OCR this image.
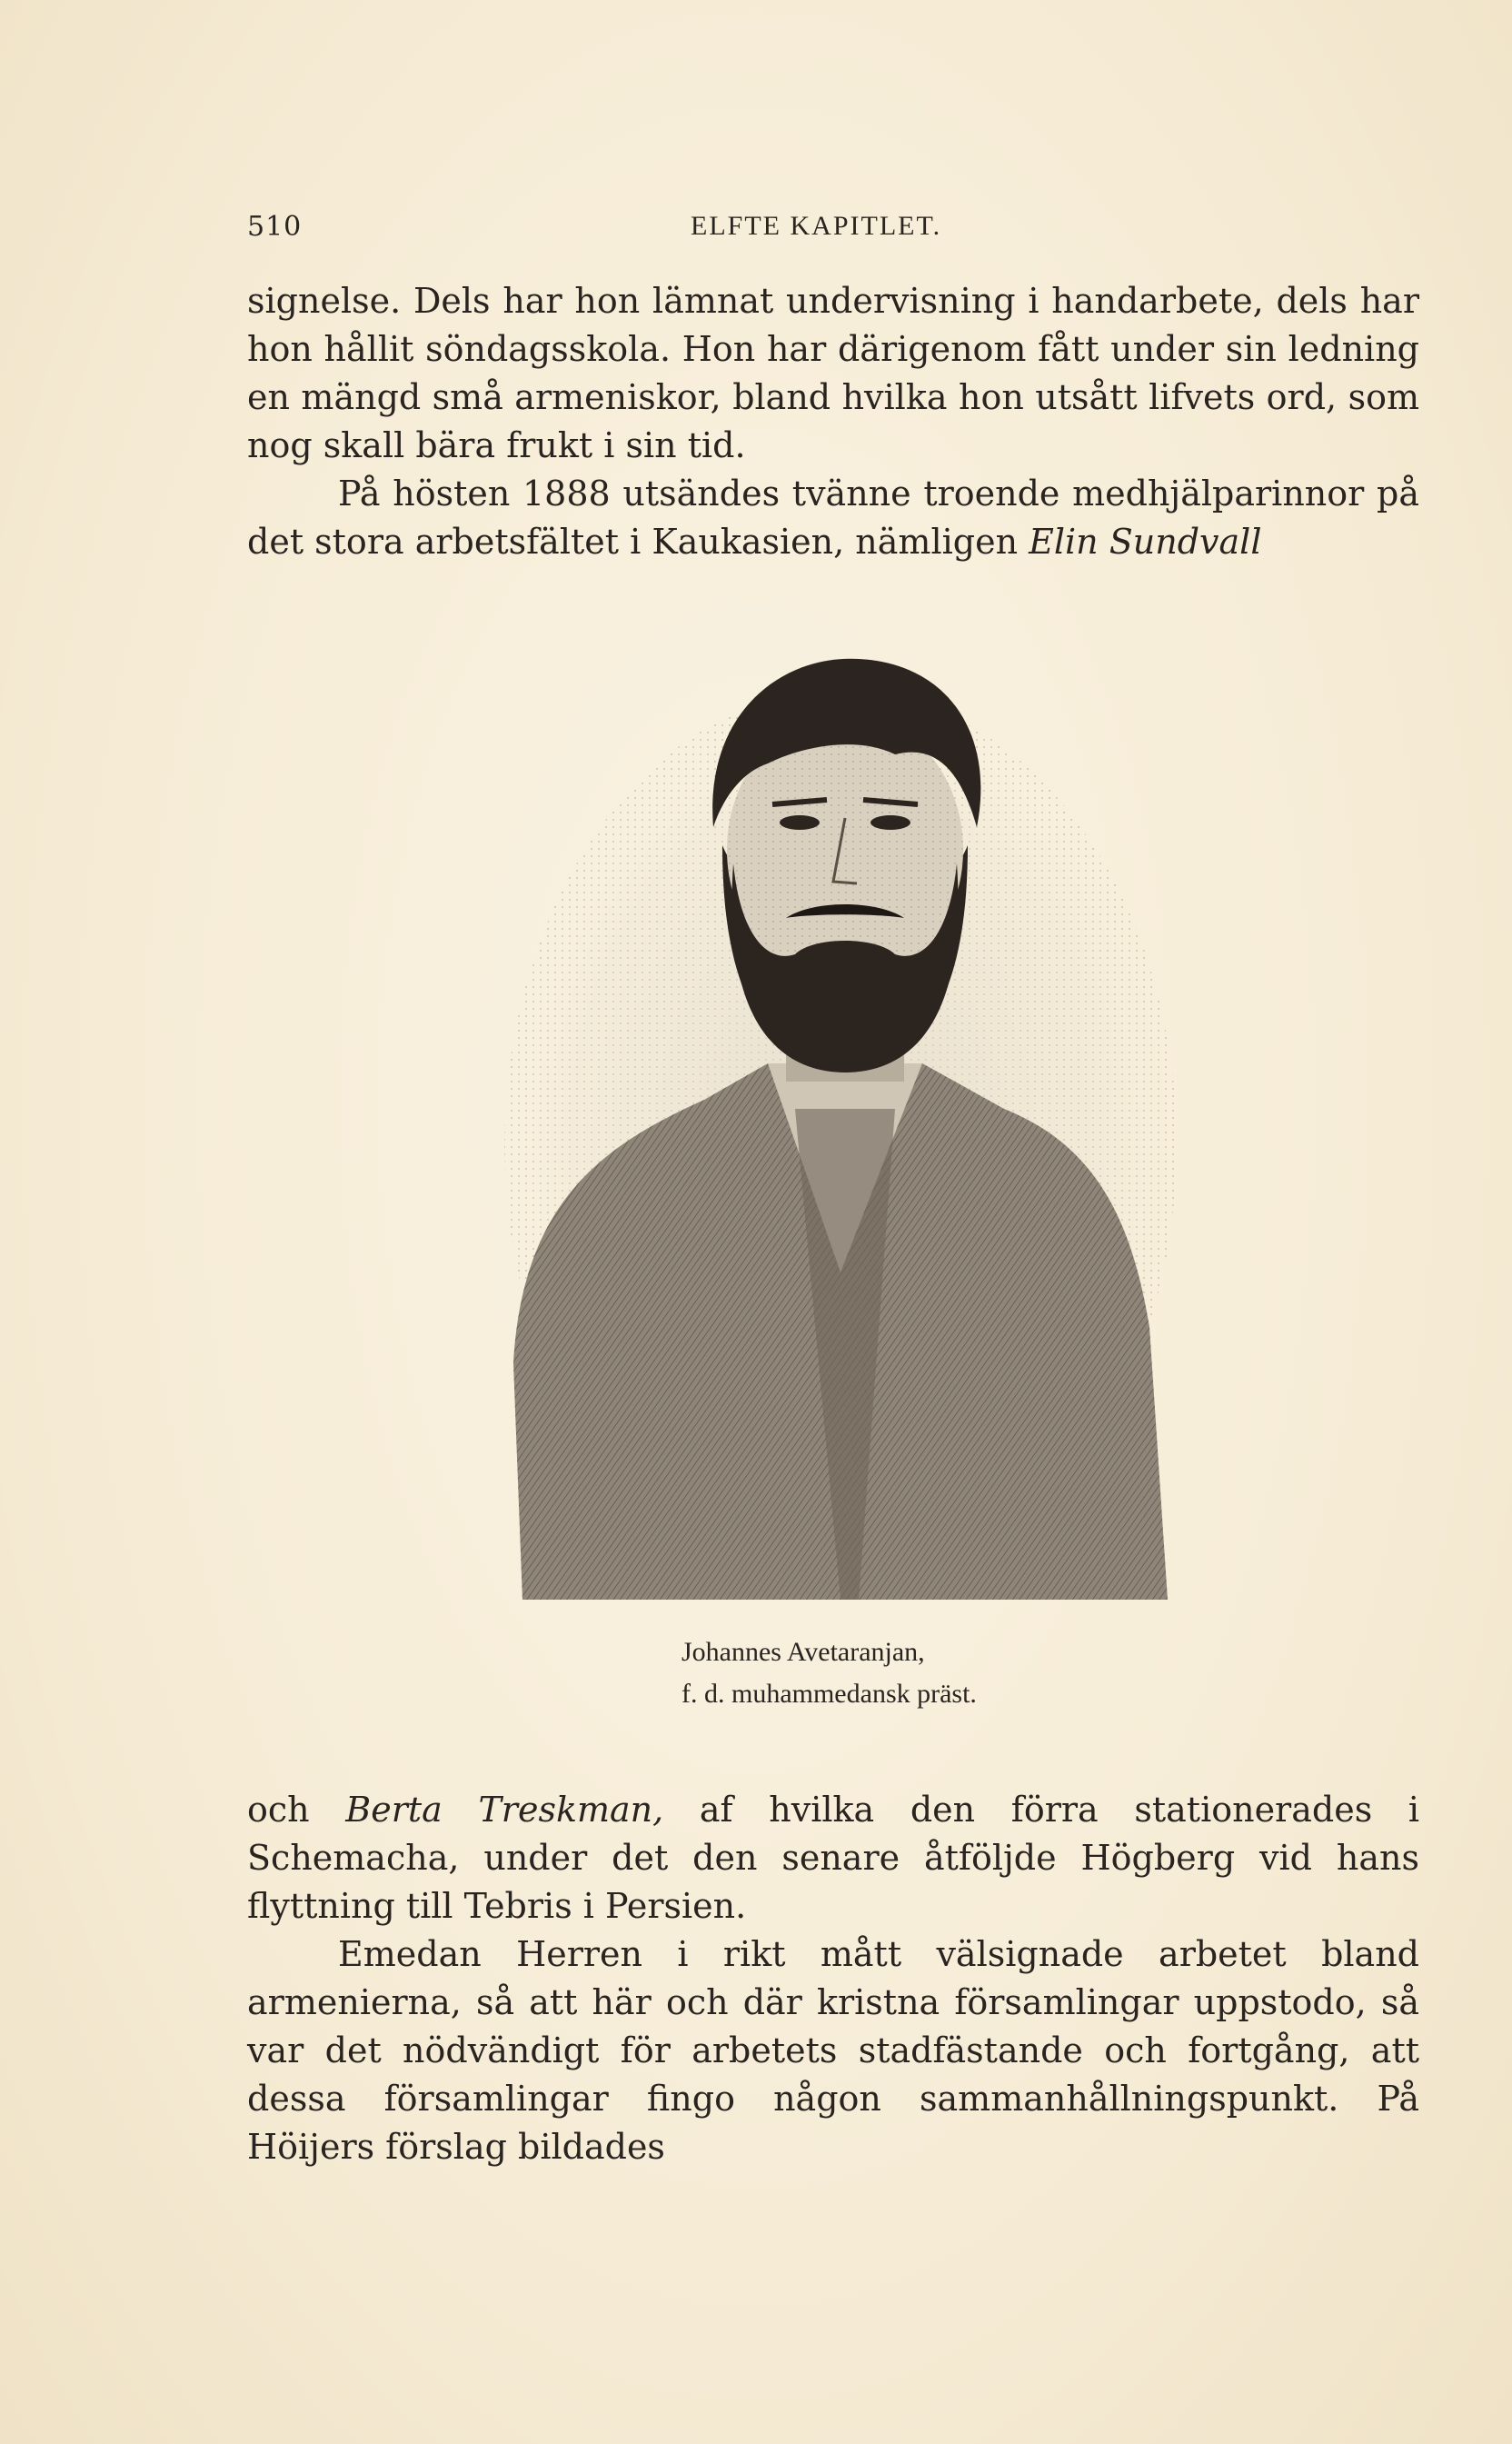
510	ELFTE KAPITLET.

signelse. Dels har hon lämnat undervisning i handarbete, dels har hon hållit söndagsskola. Hon har därigenom fått under sin ledning en mängd små armeniskor, bland hvilka hon utsått lifvets ord, som nog skall bära frukt i sin tid.

På hösten 1888 utsändes tvänne troende medhjälparinnor på det stora arbetsfältet i Kaukasien, nämligen Elin Sundvall

Johannes Avetaranjan,
f. d. muhammedansk präst.

och Berta Treskman, af hvilka den förra stationerades i Schemacha, under det den senare åtföljde Högberg vid hans flyttning till Tebris i Persien.

Emedan Herren i rikt mått välsignade arbetet bland armenierna, så att här och där kristna församlingar uppstodo, så var det nödvändigt för arbetets stadfästande och fortgång, att dessa församlingar fingo någon sammanhållningspunkt. På Höijers förslag bildades
